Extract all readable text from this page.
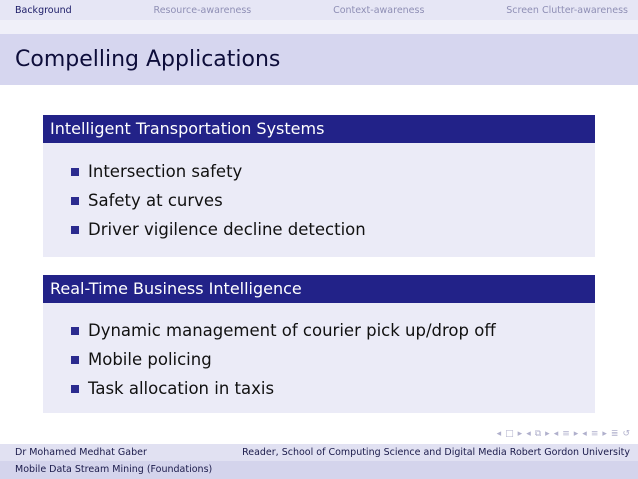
Background	Resource-awareness	Context-awareness	Screen Clutter-awareness
Compelling Applications
Intelligent Transportation Systems
Intersection safety
Safety at curves
Driver vigilence decline detection
Real-Time Business Intelligence
Dynamic management of courier pick up/drop off
Mobile policing
Task allocation in taxis
◂ □ ▸ ◂ ⧉ ▸ ◂ ≡ ▸ ◂ ≡ ▸ ≣ ↺
Dr Mohamed Medhat Gaber	Reader, School of Computing Science and Digital Media Robert Gordon University
Mobile Data Stream Mining (Foundations)
